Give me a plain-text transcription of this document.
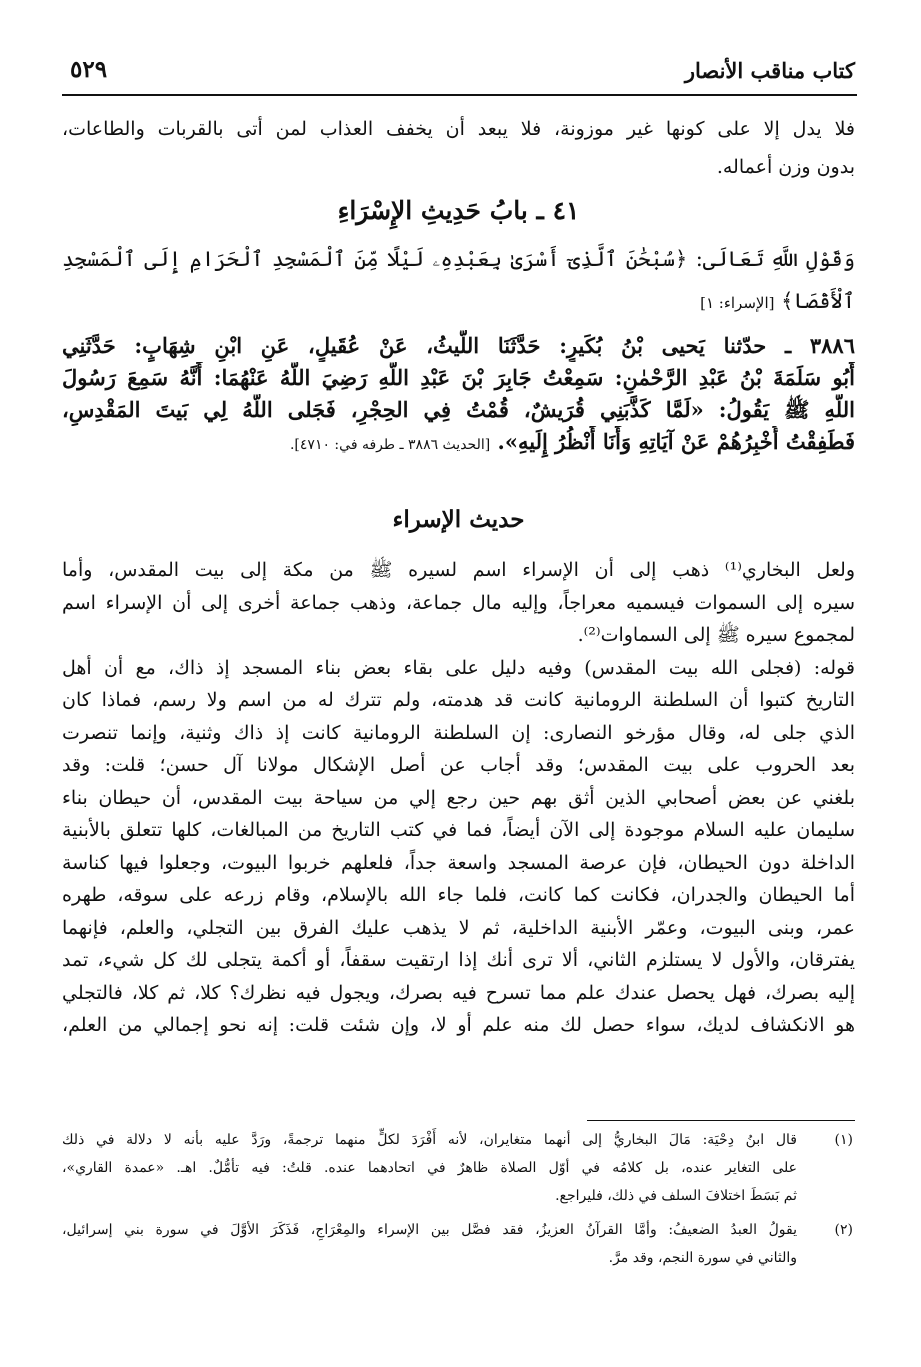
٥٢٩	كتاب مناقب الأنصار
فلا يدل إلا على كونها غير موزونة، فلا يبعد أن يخفف العذاب لمن أتى بالقربات والطاعات،
بدون وزن أعماله.
٤١ ـ بابُ حَدِيثِ الإِسْرَاءِ
وَقَوْلِ اللَّهِ تَعَالَى: ﴿سُبْحَٰنَ ٱلَّذِىٓ أَسْرَىٰ بِعَبْدِهِۦ لَيْلًا مِّنَ ٱلْمَسْجِدِ ٱلْحَرَامِ إِلَى ٱلْمَسْجِدِ
ٱلْأَقْصَا﴾ [الإسراء: ١]
٣٨٨٦ ـ حدّثنا يَحيى بْنُ بُكَيرٍ: حَدَّثَنَا اللَّيثُ، عَنْ عُقَيلٍ، عَنِ ابْنِ شِهَابٍ: حَدَّثَنِي
أَبُو سَلَمَةَ بْنُ عَبْدِ الرَّحْمٰنِ: سَمِعْتُ جَابِرَ بْنَ عَبْدِ اللَّهِ رَضِيَ اللَّهُ عَنْهُمَا: أَنَّهُ سَمِعَ رَسُولَ
اللَّهِ ﷺ يَقُولُ: «لَمَّا كَذَّبَنِي قُرَيشٌ، قُمْتُ فِي الحِجْرِ، فَجَلى اللَّهُ لِي بَيتَ المَقْدِسِ،
فَطَفِقْتُ أُخْبِرُهُمْ عَنْ آيَاتِهِ وَأَنَا أَنْظُرُ إِلَيهِ». [الحديث ٣٨٨٦ ـ طرفه في: ٤٧١٠].
حديث الإسراء
ولعل البخاري⁽¹⁾ ذهب إلى أن الإسراء اسم لسيره ﷺ من مكة إلى بيت المقدس، وأما
سيره إلى السموات فيسميه معراجاً، وإليه مال جماعة، وذهب جماعة أخرى إلى أن الإسراء اسم
لمجموع سيره ﷺ إلى السماوات⁽²⁾.
قوله: (فجلى الله بيت المقدس) وفيه دليل على بقاء بعض بناء المسجد إذ ذاك، مع أن أهل
التاريخ كتبوا أن السلطنة الرومانية كانت قد هدمته، ولم تترك له من اسم ولا رسم، فماذا كان
الذي جلى له، وقال مؤرخو النصارى: إن السلطنة الرومانية كانت إذ ذاك وثنية، وإنما تنصرت
بعد الحروب على بيت المقدس؛ وقد أجاب عن أصل الإشكال مولانا آل حسن؛ قلت: وقد
بلغني عن بعض أصحابي الذين أثق بهم حين رجع إلي من سياحة بيت المقدس، أن حيطان بناء
سليمان عليه السلام موجودة إلى الآن أيضاً، فما في كتب التاريخ من المبالغات، كلها تتعلق بالأبنية
الداخلة دون الحيطان، فإن عرصة المسجد واسعة جداً، فلعلهم خربوا البيوت، وجعلوا فيها كناسة
أما الحيطان والجدران، فكانت كما كانت، فلما جاء الله بالإسلام، وقام زرعه على سوقه، طهره
عمر، وبنى البيوت، وعمّر الأبنية الداخلية، ثم لا يذهب عليك الفرق بين التجلي، والعلم، فإنهما
يفترقان، والأول لا يستلزم الثاني، ألا ترى أنك إذا ارتقيت سقفاً، أو أكمة يتجلى لك كل شيء، تمد
إليه بصرك، فهل يحصل عندك علم مما تسرح فيه بصرك، ويجول فيه نظرك؟ كلا، ثم كلا، فالتجلي
هو الانكشاف لديك، سواء حصل لك منه علم أو لا، وإن شئت قلت: إنه نحو إجمالي من العلم،
(١)
قال ابنُ دِحْيَة: مَالَ البخاريُّ إلى أنهما متغايران، لأنه أَفْرَدَ لكلٍّ منهما ترجمةً، ورَدَّ عليه بأنه لا دلالة في ذلك
على التغاير عنده، بل كلامُه في أوّل الصلاة ظاهرٌ في اتحادهما عنده. قلتُ: فيه تأمُّلٌ. اهـ. «عمدة القاري»،
ثم بَسَطَ اختلافَ السلف في ذلك، فليراجع.
(٢)
يقولُ العبدُ الضعيفُ: وأمَّا القرآنُ العزيزُ، فقد فصَّل بين الإسراء والمِعْرَاجِ، فَذَكَرَ الأوَّلَ في سورة بني إسرائيل،
والثاني في سورة النجم، وقد مرَّ.
